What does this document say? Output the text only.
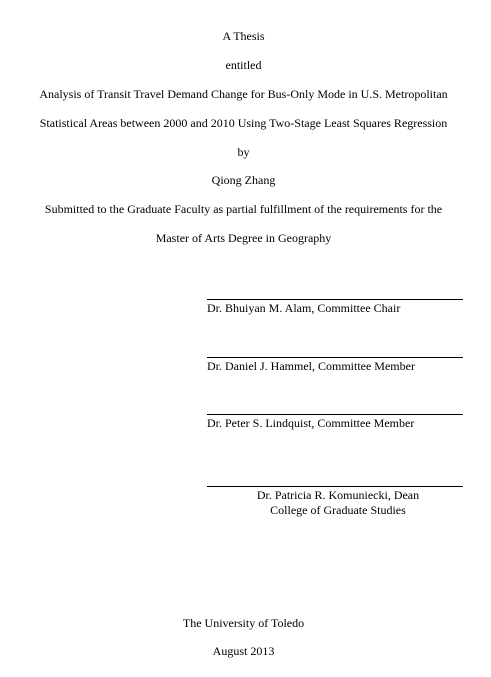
A Thesis
entitled
Analysis of Transit Travel Demand Change for Bus-Only Mode in U.S. Metropolitan
Statistical Areas between 2000 and 2010 Using Two-Stage Least Squares Regression
by
Qiong Zhang
Submitted to the Graduate Faculty as partial fulfillment of the requirements for the
Master of Arts Degree in Geography
Dr. Bhuiyan M. Alam, Committee Chair
Dr. Daniel J. Hammel, Committee Member
Dr. Peter S. Lindquist, Committee Member
Dr. Patricia R. Komuniecki, Dean
College of Graduate Studies
The University of Toledo
August 2013
